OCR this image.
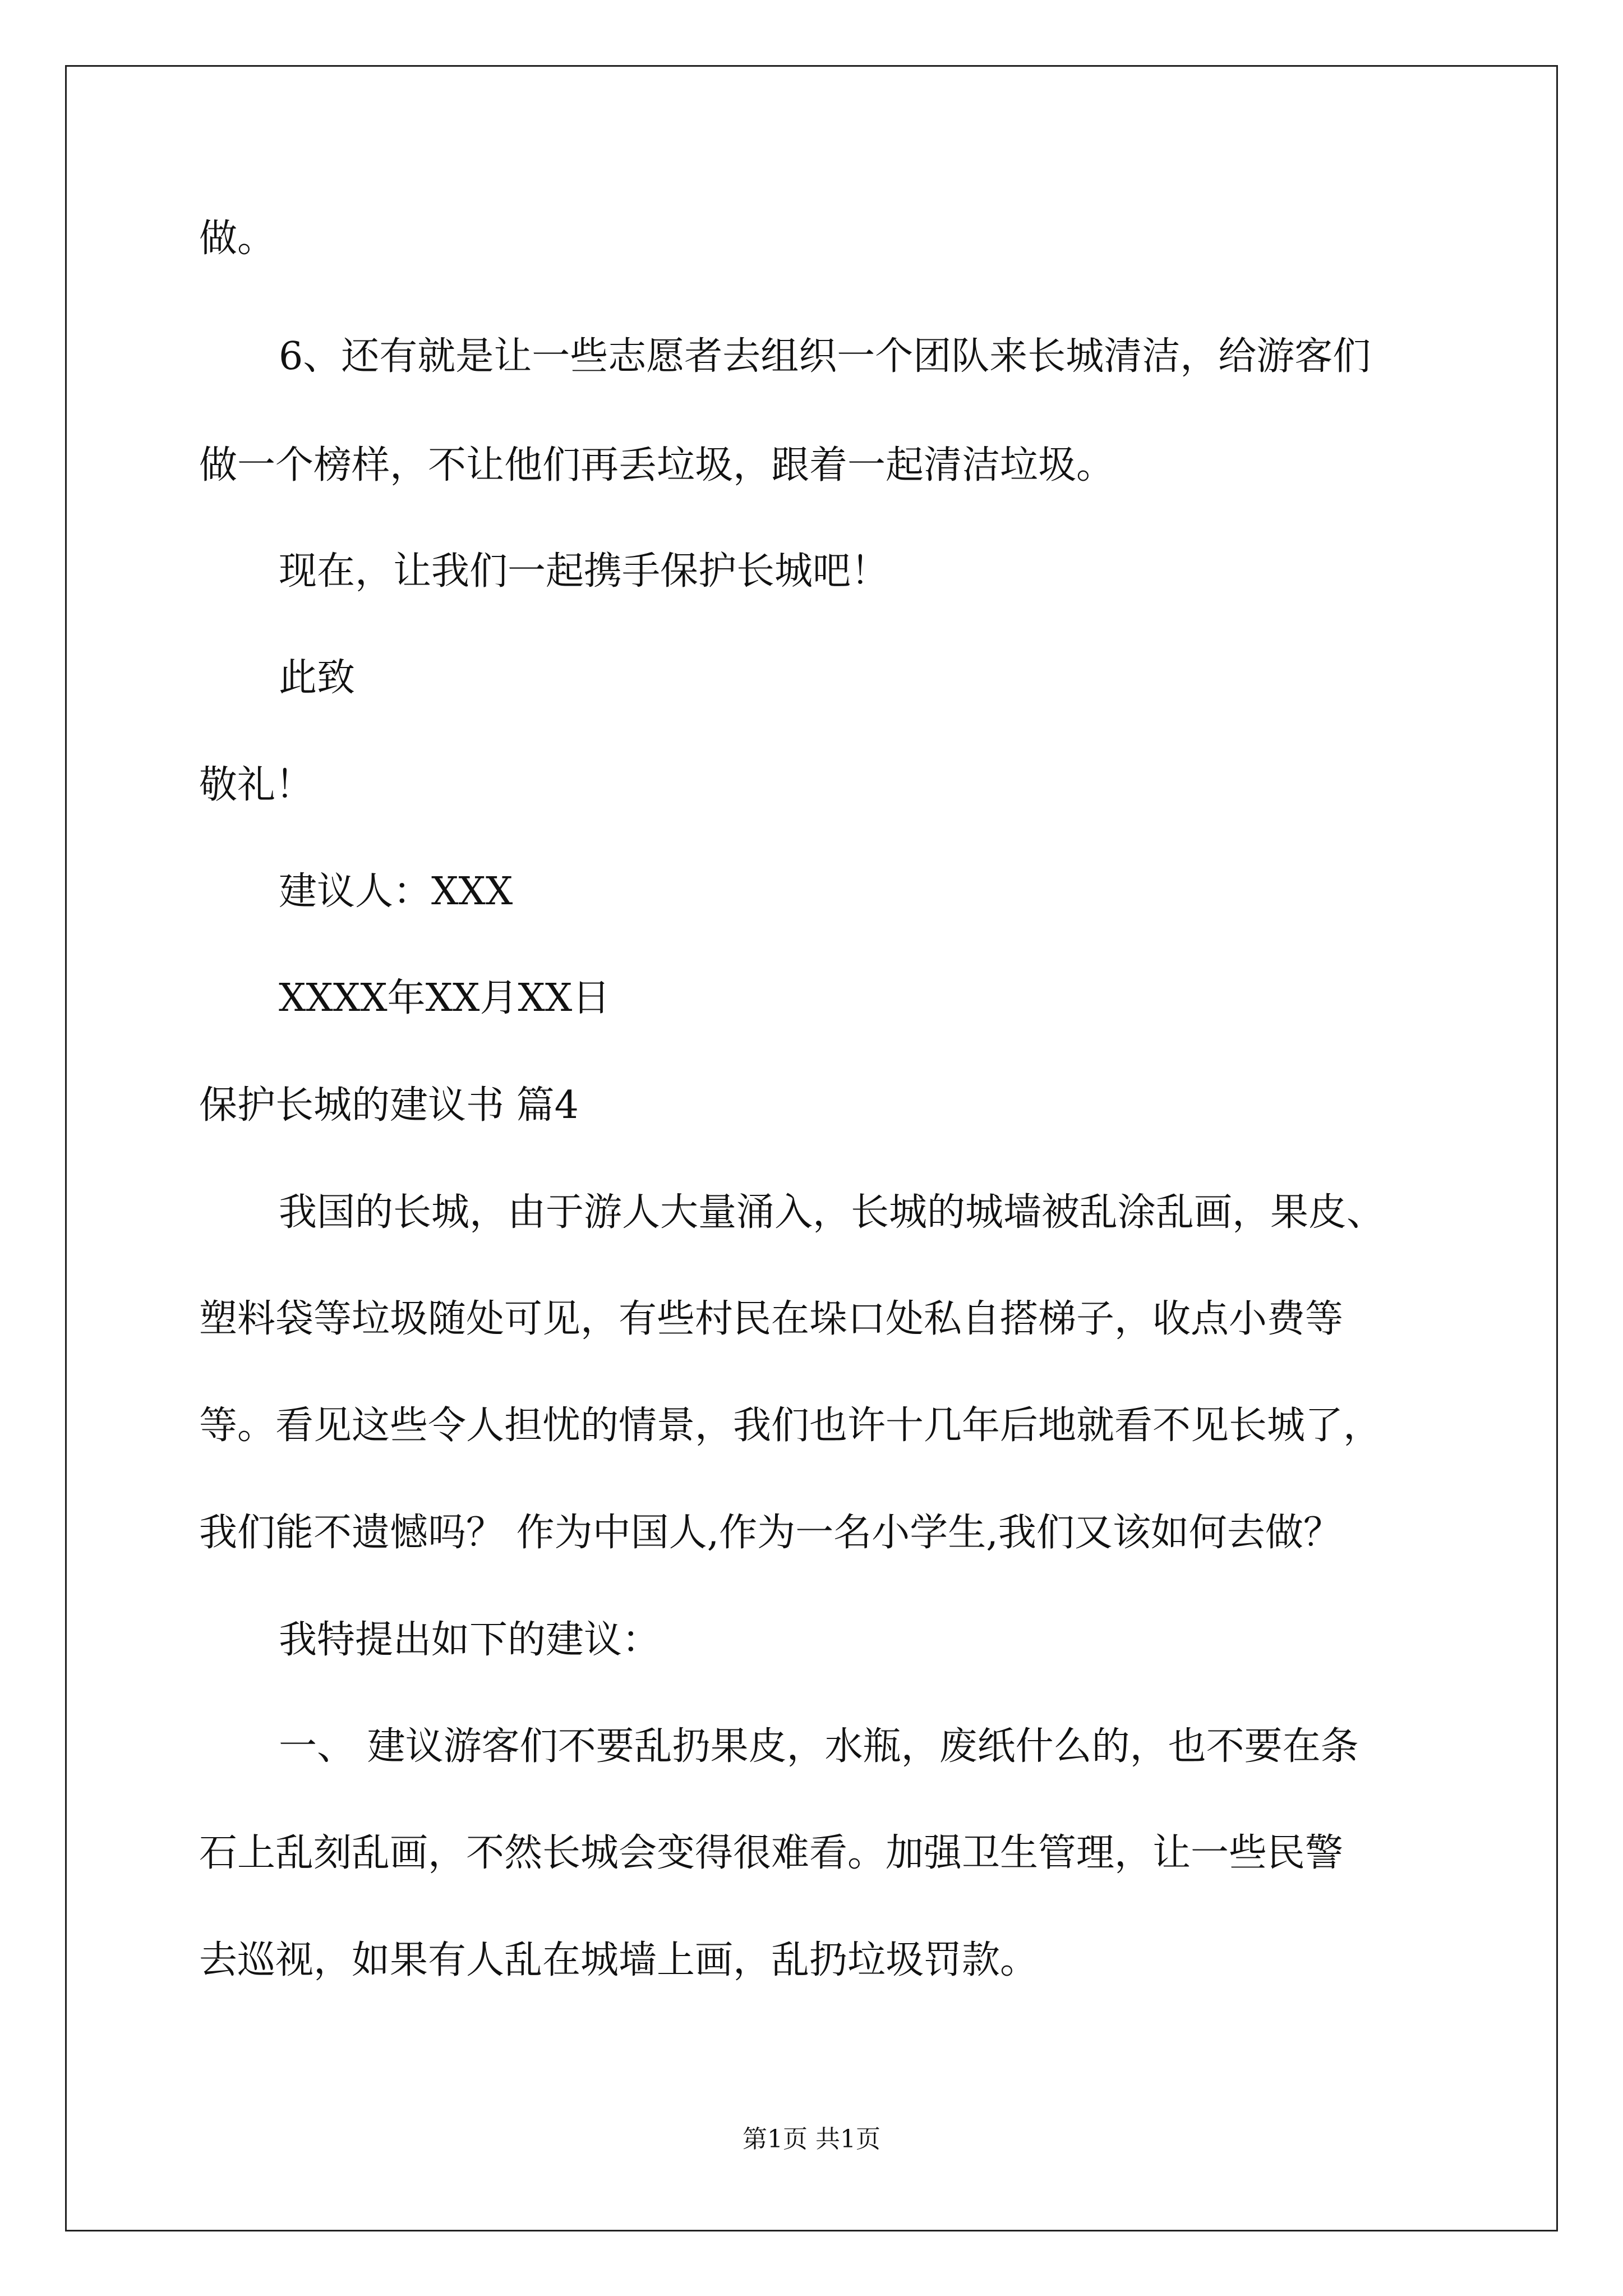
做。

6、还有就是让一些志愿者去组织一个团队来长城清洁，给游客们

做一个榜样，不让他们再丢垃圾，跟着一起清洁垃圾。

现在，让我们一起携手保护长城吧！

此致

敬礼！

建议人：XXX

XXXX年XX月XX日

保护长城的建议书 篇4

我国的长城，由于游人大量涌入，长城的城墙被乱涂乱画，果皮、

塑料袋等垃圾随处可见，有些村民在垛口处私自搭梯子，收点小费等

等。看见这些令人担忧的情景，我们也许十几年后地就看不见长城了，

我们能不遗憾吗？ 作为中国人,作为一名小学生,我们又该如何去做？

我特提出如下的建议：

一、 建议游客们不要乱扔果皮，水瓶，废纸什么的，也不要在条

石上乱刻乱画，不然长城会变得很难看。加强卫生管理，让一些民警

去巡视，如果有人乱在城墙上画，乱扔垃圾罚款。

第1页 共1页
